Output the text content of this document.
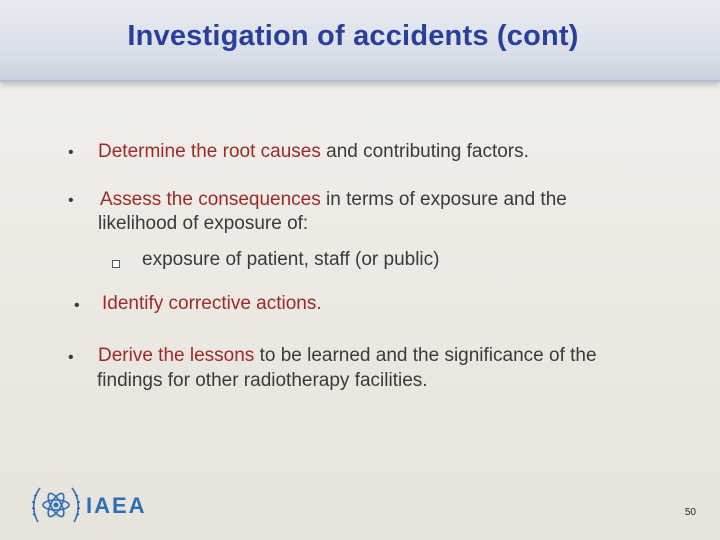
Investigation of accidents (cont)
• Determine the root causes and contributing factors.
• Assess the consequences in terms of exposure and the
likelihood of exposure of:
exposure of patient, staff (or public)
• Identify corrective actions.
• Derive the lessons to be learned and the significance of the
findings for other radiotherapy facilities.
IAEA	50
